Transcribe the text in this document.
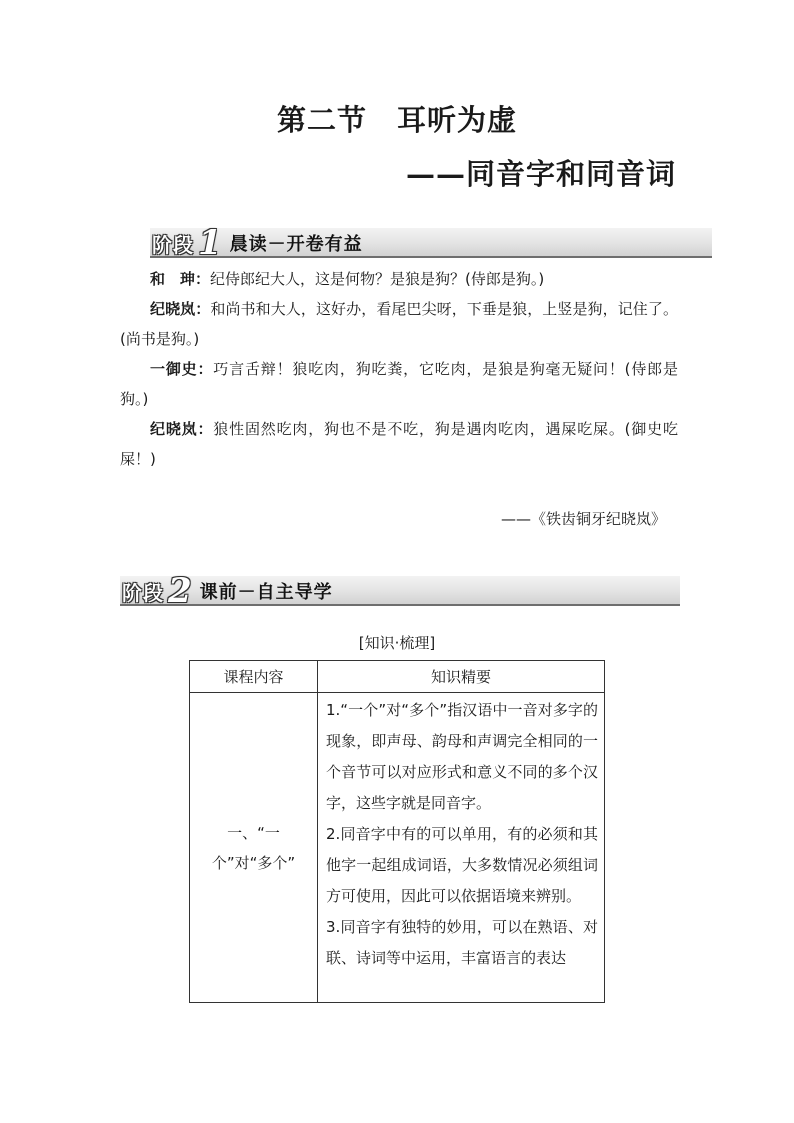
第二节　耳听为虚
——同音字和同音词
阶段 1 晨读－开卷有益

和　珅：纪侍郎纪大人，这是何物？是狼是狗？(侍郎是狗。)

纪晓岚：和尚书和大人，这好办，看尾巴尖呀，下垂是狼，上竖是狗，记住了。(尚书是狗。)

一御史：巧言舌辩！狼吃肉，狗吃粪，它吃肉，是狼是狗毫无疑问！(侍郎是狗。)

纪晓岚：狼性固然吃肉，狗也不是不吃，狗是遇肉吃肉，遇屎吃屎。(御史吃屎！)

——《铁齿铜牙纪晓岚》
阶段 2 课前－自主导学
[知识·梳理]
课程内容	知识精要
一、“一个”对“多个”	1.“一个”对“多个”指汉语中一音对多字的现象，即声母、韵母和声调完全相同的一个音节可以对应形式和意义不同的多个汉字，这些字就是同音字。
2.同音字中有的可以单用，有的必须和其他字一起组成词语，大多数情况必须组词方可使用，因此可以依据语境来辨别。
3.同音字有独特的妙用，可以在熟语、对联、诗词等中运用，丰富语言的表达
